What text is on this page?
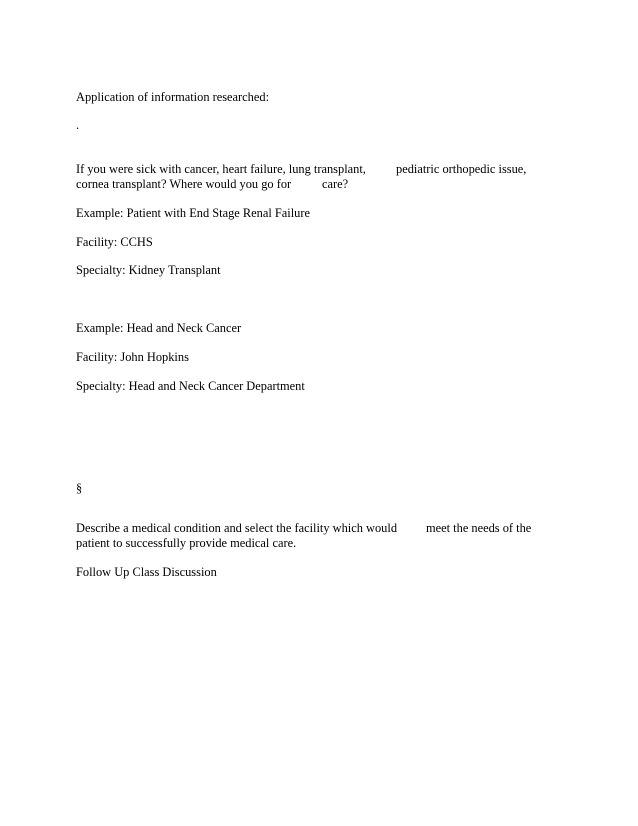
Application of information researched:
.
If you were sick with cancer, heart failure, lung transplant, pediatric orthopedic issue,
cornea transplant? Where would you go for care?
Example: Patient with End Stage Renal Failure
Facility: CCHS
Specialty: Kidney Transplant
Example: Head and Neck Cancer
Facility: John Hopkins
Specialty: Head and Neck Cancer Department
§
Describe a medical condition and select the facility which would meet the needs of the
patient to successfully provide medical care.
Follow Up Class Discussion
